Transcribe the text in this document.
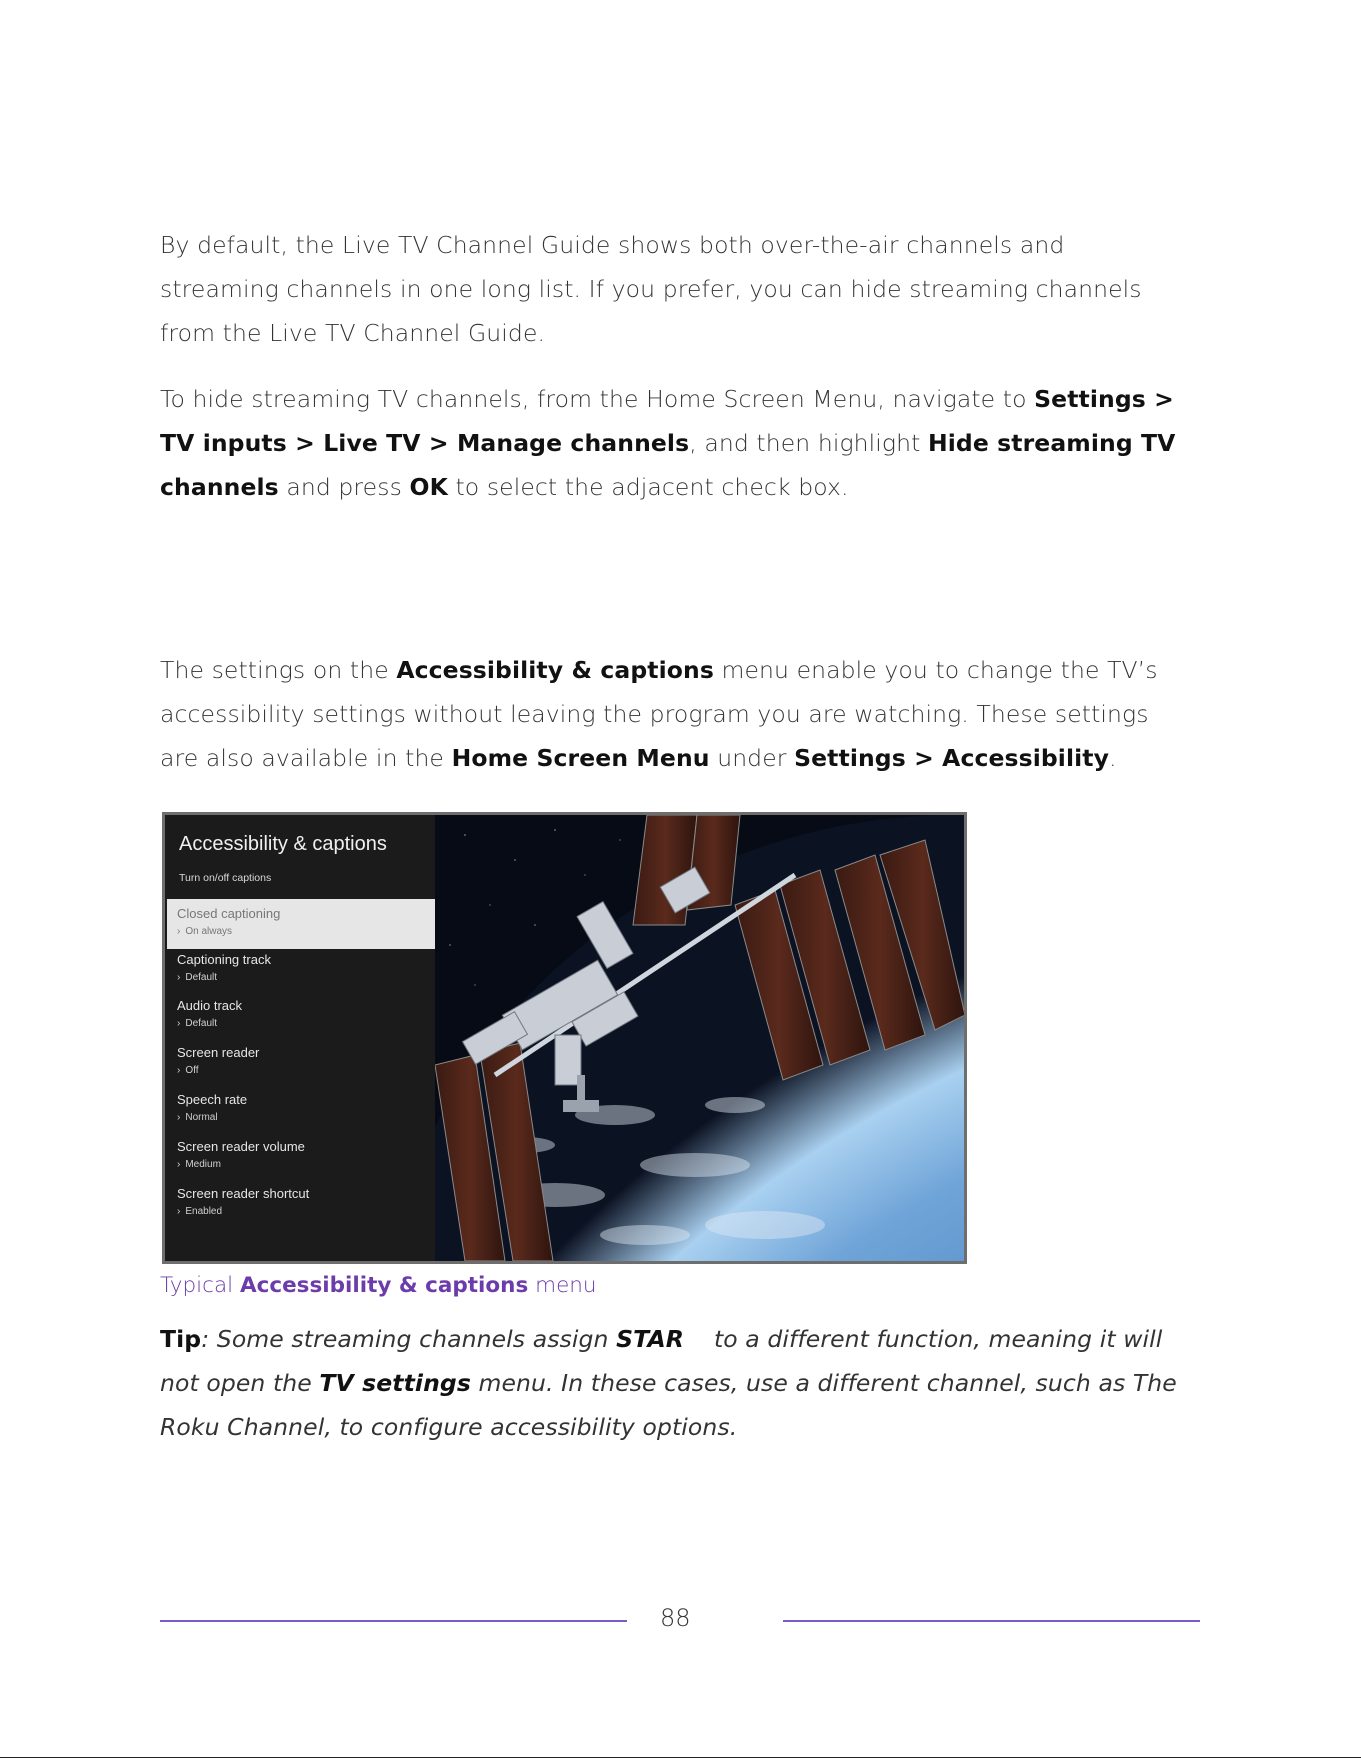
By default, the Live TV Channel Guide shows both over-the-air channels and
streaming channels in one long list. If you prefer, you can hide streaming channels
from the Live TV Channel Guide.
To hide streaming TV channels, from the Home Screen Menu, navigate to Settings >
TV inputs > Live TV > Manage channels, and then highlight Hide streaming TV
channels and press OK to select the adjacent check box.
The settings on the Accessibility & captions menu enable you to change the TV’s
accessibility settings without leaving the program you are watching. These settings
are also available in the Home Screen Menu under Settings > Accessibility.
Accessibility & captions
Turn on/off captions
Closed captioning
› On always
Captioning track
› Default
Audio track
› Default
Screen reader
› Off
Speech rate
› Normal
Screen reader volume
› Medium
Screen reader shortcut
› Enabled
Typical Accessibility & captions menu
Tip: Some streaming channels assign STAR to a different function, meaning it will
not open the TV settings menu. In these cases, use a different channel, such as The
Roku Channel, to configure accessibility options.
88
